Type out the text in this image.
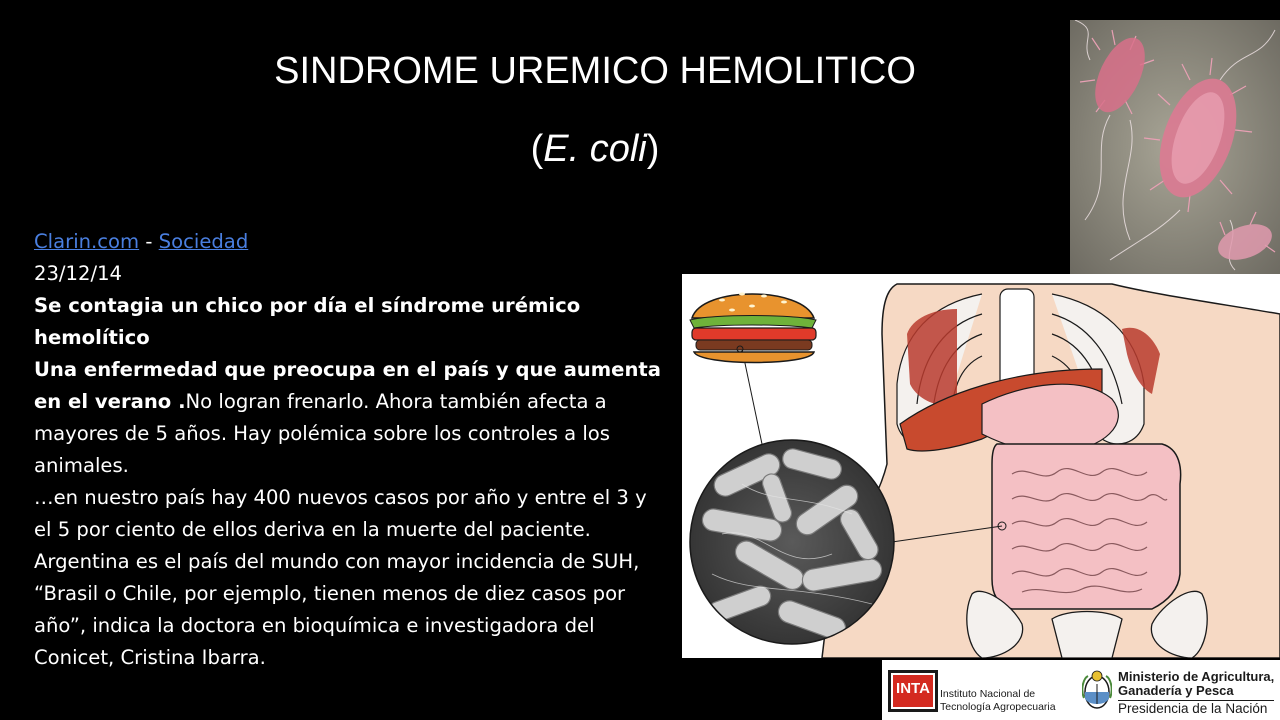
SINDROME UREMICO HEMOLITICO
(E. coli)
Clarin.com - Sociedad
23/12/14
Se contagia un chico por día el síndrome urémico hemolítico
Una enfermedad que preocupa en el país y que aumenta en el verano .No logran frenarlo. Ahora también afecta a mayores de 5 años. Hay polémica sobre los controles a los animales.
…en nuestro país hay 400 nuevos casos por año y entre el 3 y el 5 por ciento de ellos deriva en la muerte del paciente. Argentina es el país del mundo con mayor incidencia de SUH, “Brasil o Chile, por ejemplo, tienen menos de diez casos por año”, indica la doctora en bioquímica e investigadora del Conicet, Cristina Ibarra.
INTA Instituto Nacional de
Tecnología Agropecuaria
Ministerio de Agricultura,
Ganadería y Pesca
Presidencia de la Nación
